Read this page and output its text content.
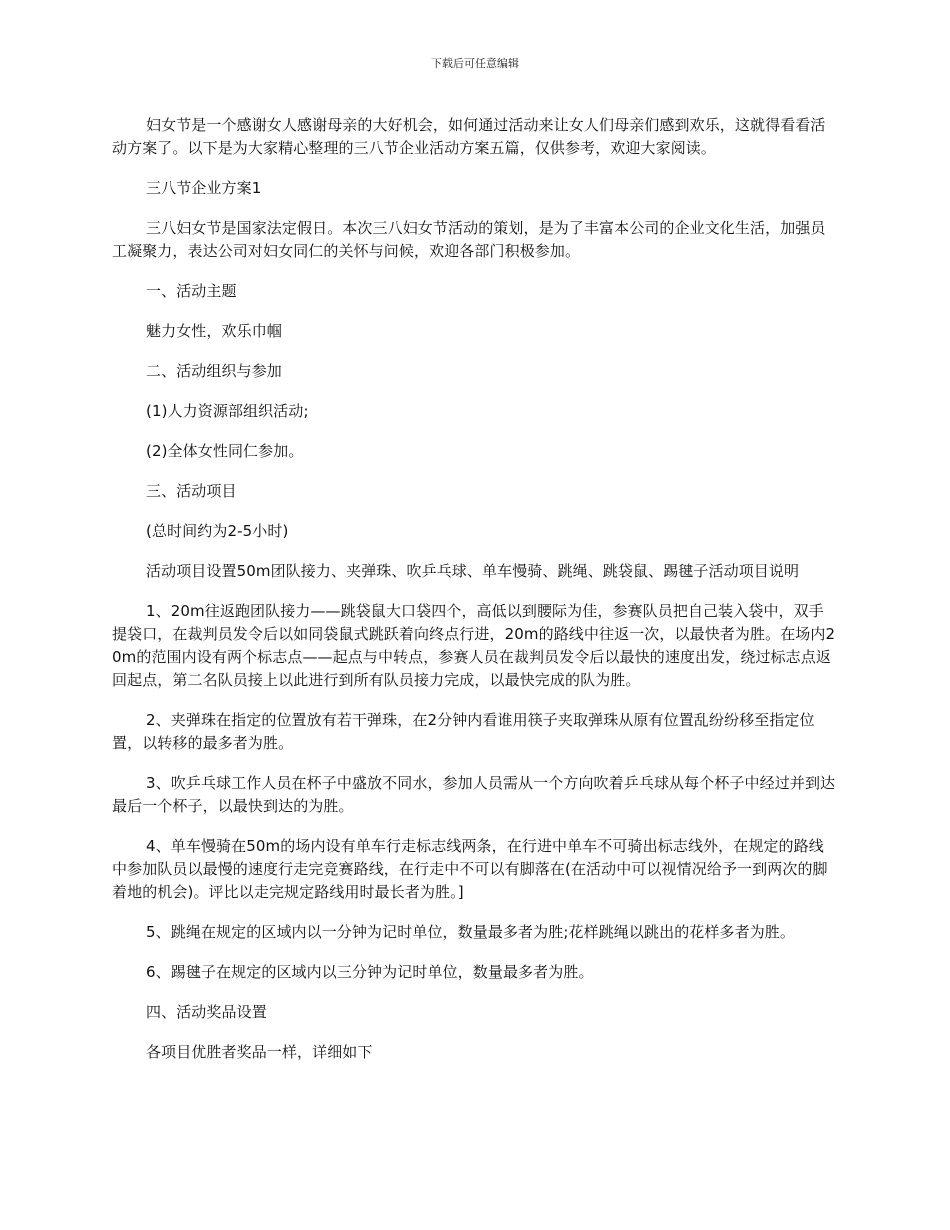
下载后可任意编辑

妇女节是一个感谢女人感谢母亲的大好机会，如何通过活动来让女人们母亲们感到欢乐，这就得看看活动方案了。以下是为大家精心整理的三八节企业活动方案五篇，仅供参考，欢迎大家阅读。

三八节企业方案1

三八妇女节是国家法定假日。本次三八妇女节活动的策划，是为了丰富本公司的企业文化生活，加强员工凝聚力，表达公司对妇女同仁的关怀与问候，欢迎各部门积极参加。

一、活动主题

魅力女性，欢乐巾帼

二、活动组织与参加

(1)人力资源部组织活动;

(2)全体女性同仁参加。

三、活动项目

(总时间约为2-5小时)

活动项目设置50m团队接力、夹弹珠、吹乒乓球、单车慢骑、跳绳、跳袋鼠、踢毽子活动项目说明

1、20m往返跑团队接力——跳袋鼠大口袋四个，高低以到腰际为佳，参赛队员把自己装入袋中，双手提袋口，在裁判员发令后以如同袋鼠式跳跃着向终点行进，20m的路线中往返一次，以最快者为胜。在场内20m的范围内设有两个标志点——起点与中转点，参赛人员在裁判员发令后以最快的速度出发，绕过标志点返回起点，第二名队员接上以此进行到所有队员接力完成，以最快完成的队为胜。

2、夹弹珠在指定的位置放有若干弹珠，在2分钟内看谁用筷子夹取弹珠从原有位置乱纷纷移至指定位置，以转移的最多者为胜。

3、吹乒乓球工作人员在杯子中盛放不同水，参加人员需从一个方向吹着乒乓球从每个杯子中经过并到达最后一个杯子，以最快到达的为胜。

4、单车慢骑在50m的场内设有单车行走标志线两条，在行进中单车不可骑出标志线外，在规定的路线中参加队员以最慢的速度行走完竞赛路线，在行走中不可以有脚落在(在活动中可以视情况给予一到两次的脚着地的机会)。评比以走完规定路线用时最长者为胜。]

5、跳绳在规定的区域内以一分钟为记时单位，数量最多者为胜;花样跳绳以跳出的花样多者为胜。

6、踢毽子在规定的区域内以三分钟为记时单位，数量最多者为胜。

四、活动奖品设置

各项目优胜者奖品一样，详细如下
